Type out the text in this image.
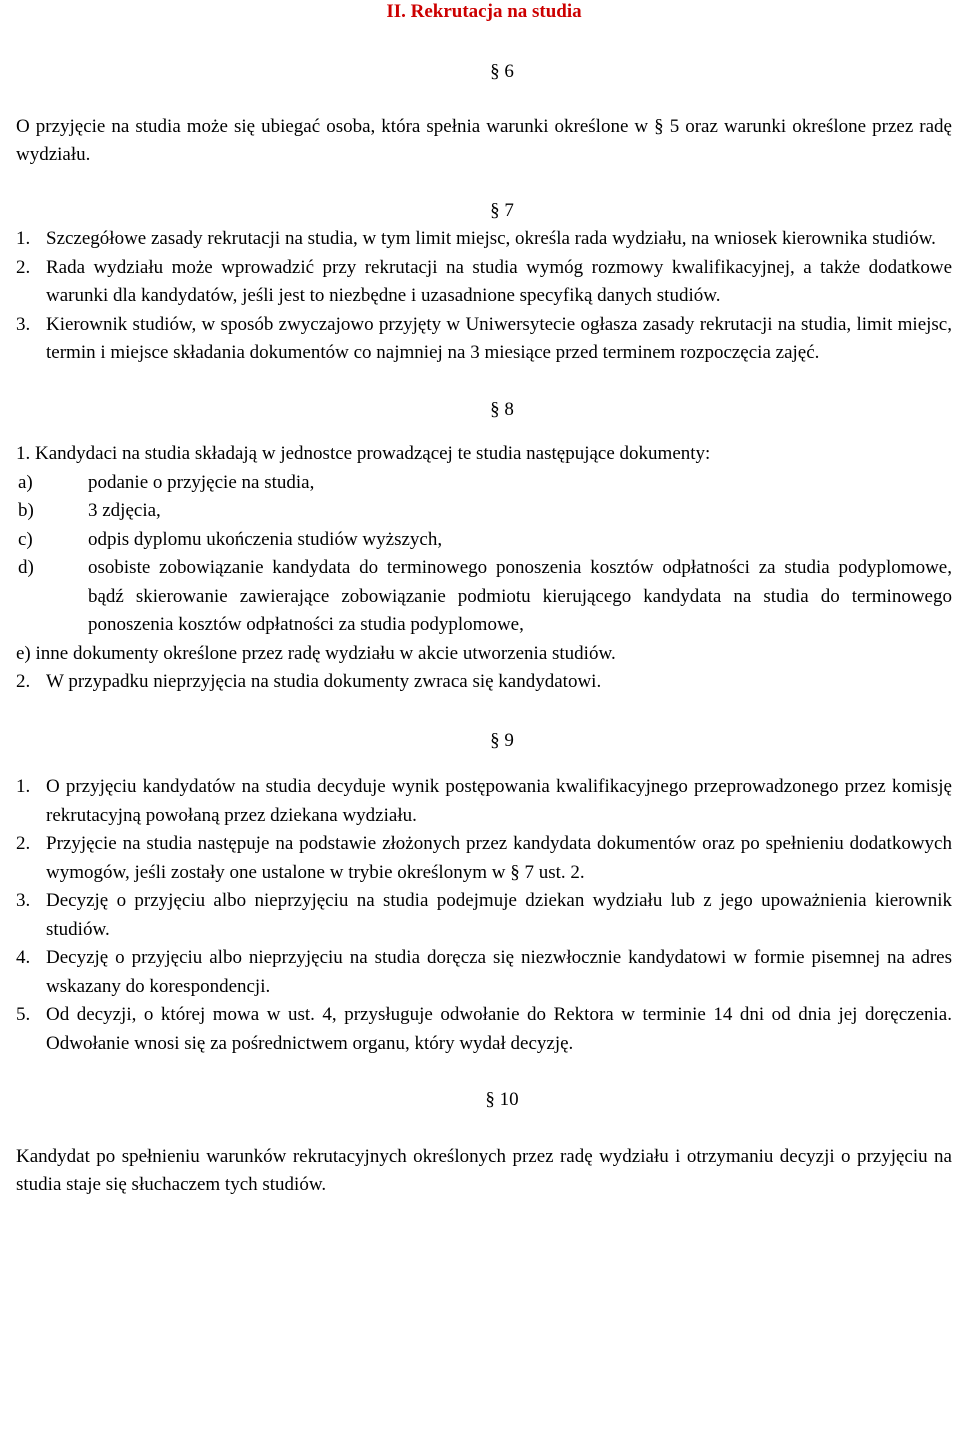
II. Rekrutacja na studia

§ 6

O przyjęcie na studia może się ubiegać osoba, która spełnia warunki określone w § 5 oraz warunki określone przez radę wydziału.

§ 7

1. Szczegółowe zasady rekrutacji na studia, w tym limit miejsc, określa rada wydziału, na wniosek kierownika studiów.
2. Rada wydziału może wprowadzić przy rekrutacji na studia wymóg rozmowy kwalifikacyjnej, a także dodatkowe warunki dla kandydatów, jeśli jest to niezbędne i uzasadnione specyfiką danych studiów.
3. Kierownik studiów, w sposób zwyczajowo przyjęty w Uniwersytecie ogłasza zasady rekrutacji na studia, limit miejsc, termin i miejsce składania dokumentów co najmniej na 3 miesiące przed terminem rozpoczęcia zajęć.

§ 8

1. Kandydaci na studia składają w jednostce prowadzącej te studia następujące dokumenty:

a)	podanie o przyjęcie na studia,
b)	3 zdjęcia,
c)	odpis dyplomu ukończenia studiów wyższych,
d)	osobiste zobowiązanie kandydata do terminowego ponoszenia kosztów odpłatności za studia podyplomowe, bądź skierowanie zawierające zobowiązanie podmiotu kierującego kandydata na studia do terminowego ponoszenia kosztów odpłatności za studia podyplomowe,

e) inne dokumenty określone przez radę wydziału w akcie utworzenia studiów.

2. W przypadku nieprzyjęcia na studia dokumenty zwraca się kandydatowi.

§ 9

1. O przyjęciu kandydatów na studia decyduje wynik postępowania kwalifikacyjnego przeprowadzonego przez komisję rekrutacyjną powołaną przez dziekana wydziału.
2. Przyjęcie na studia następuje na podstawie złożonych przez kandydata dokumentów oraz po spełnieniu dodatkowych wymogów, jeśli zostały one ustalone w trybie określonym w § 7 ust. 2.
3. Decyzję o przyjęciu albo nieprzyjęciu na studia podejmuje dziekan wydziału lub z jego upoważnienia kierownik studiów.
4. Decyzję o przyjęciu albo nieprzyjęciu na studia doręcza się niezwłocznie kandydatowi w formie pisemnej na adres wskazany do korespondencji.
5. Od decyzji, o której mowa w ust. 4, przysługuje odwołanie do Rektora w terminie 14 dni od dnia jej doręczenia. Odwołanie wnosi się za pośrednictwem organu, który wydał decyzję.

§ 10

Kandydat po spełnieniu warunków rekrutacyjnych określonych przez radę wydziału i otrzymaniu decyzji o przyjęciu na studia staje się słuchaczem tych studiów.
